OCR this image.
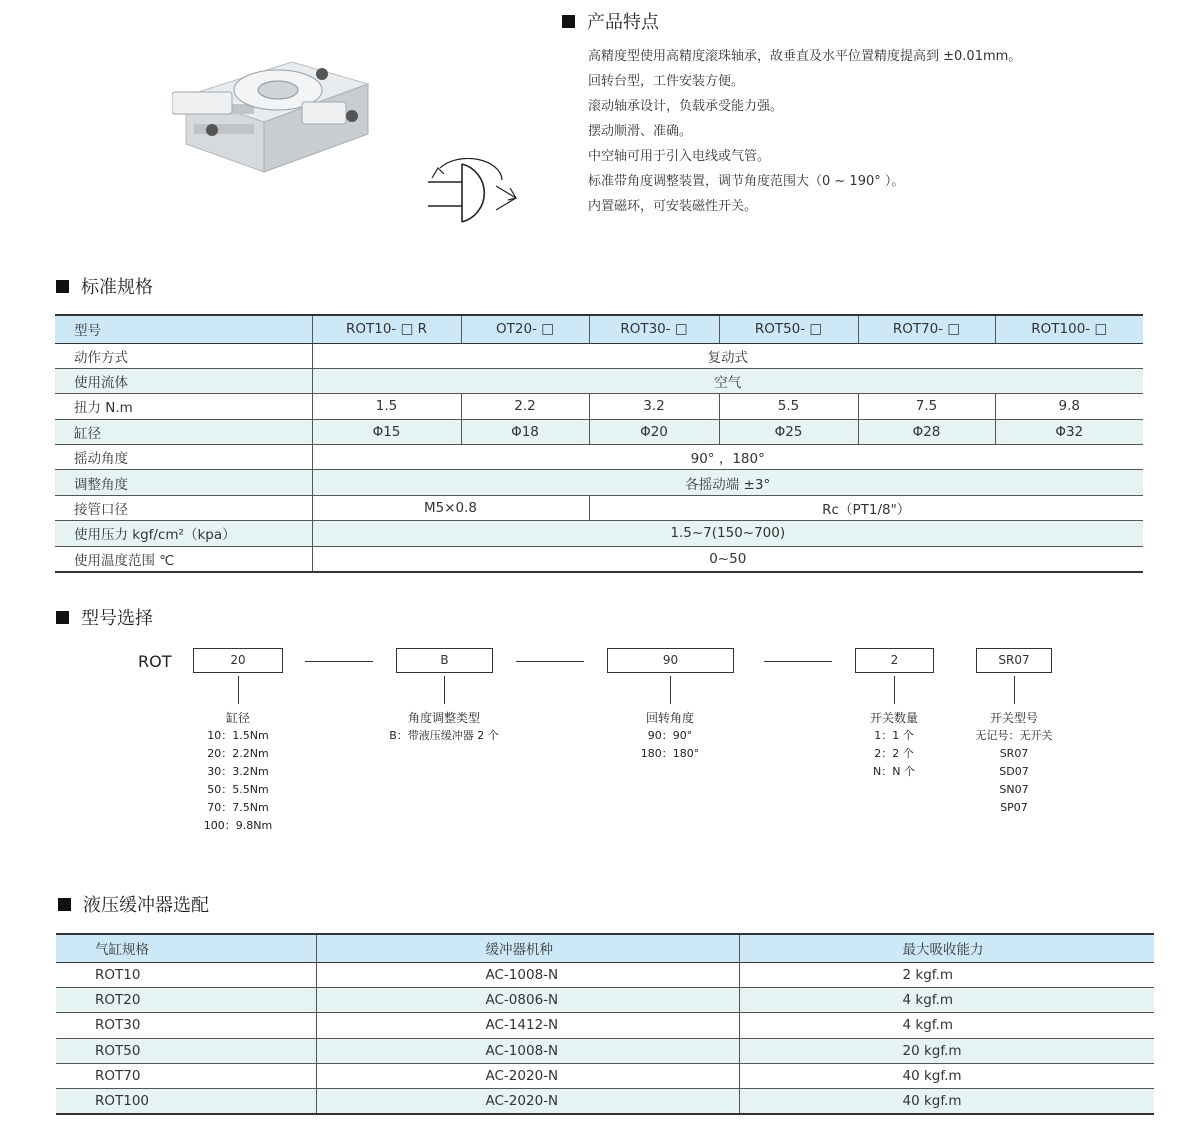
产品特点
高精度型使用高精度滚珠轴承，故垂直及水平位置精度提高到 ±0.01mm。
回转台型，工件安装方便。
滚动轴承设计，负载承受能力强。
摆动顺滑、准确。
中空轴可用于引入电线或气管。
标准带角度调整装置，调节角度范围大（0 ~ 190° ）。
内置磁环，可安装磁性开关。
标准规格
型号	ROT10- □ R	OT20- □	ROT30- □	ROT50- □	ROT70- □	ROT100- □
动作方式	复动式					
使用流体	空气					
扭力 N.m	1.5	2.2	3.2	5.5	7.5	9.8
缸径	Φ15	Φ18	Φ20	Φ25	Φ28	Φ32
摇动角度	90° ，180°					
调整角度	各摇动端 ±3°					
接管口径	M5×0.8		Rc（PT1/8"）			
使用压力 kgf/cm²（kpa）	1.5~7(150~700)					
使用温度范围 ℃	0~50					
型号选择
ROT	20	B	90	2	SR07
缸径
10：1.5Nm
20：2.2Nm
30：3.2Nm
50：5.5Nm
70：7.5Nm
100：9.8Nm
角度调整类型
B：带液压缓冲器 2 个
回转角度
90：90°
180：180°
开关数量
1：1 个
2：2 个
N：N 个
开关型号
无记号：无开关
SR07
SD07
SN07
SP07
液压缓冲器选配
气缸规格	缓冲器机种	最大吸收能力
ROT10	AC-1008-N	2 kgf.m
ROT20	AC-0806-N	4 kgf.m
ROT30	AC-1412-N	4 kgf.m
ROT50	AC-1008-N	20 kgf.m
ROT70	AC-2020-N	40 kgf.m
ROT100	AC-2020-N	40 kgf.m
